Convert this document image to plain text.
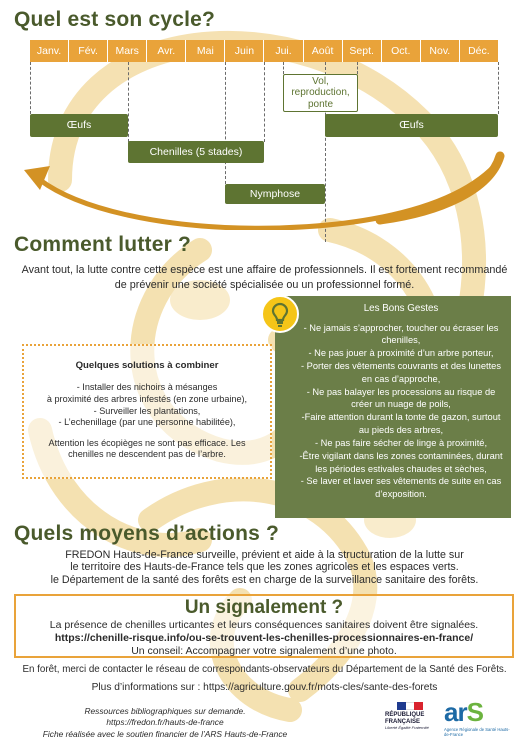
Quel est son cycle?
Janv.	Fév.	Mars	Avr.	Mai	Juin	Jui.	Août	Sept.	Oct.	Nov.	Déc.
Vol, reproduction, ponte
Œufs	Œufs
Chenilles (5 stades)
Nymphose
Comment lutter ?
Avant tout, la lutte contre cette espèce est une affaire de professionnels. Il est fortement recommandé de prévenir une société spécialisée ou un professionnel formé.
Quelques solutions à combiner
- Installer des nichoirs à mésanges
à proximité des arbres infestés (en zone urbaine),
- Surveiller les plantations,
- L’echenillage (par une personne habilitée),
Attention les écopièges ne sont pas efficace. Les chenilles ne descendent pas de l’arbre.
Les Bons Gestes
- Ne jamais s’approcher, toucher ou écraser les chenilles,
- Ne pas jouer à proximité d’un arbre porteur,
- Porter des vêtements couvrants et des lunettes en cas d’approche,
- Ne pas balayer les processions au risque de créer un nuage de poils,
-Faire attention durant la tonte de gazon, surtout au pieds des arbres,
- Ne pas faire sécher de linge à proximité,
-Être vigilant dans les zones contaminées, durant les périodes estivales chaudes et sèches,
- Se laver et laver ses vêtements de suite en cas d’exposition.
Quels moyens d’actions ?
FREDON Hauts-de-France surveille, prévient et aide à la structuration de la lutte sur
le territoire des Hauts-de-France tels que les zones agricoles et les espaces verts.
le Département de la santé des forêts est en charge de la surveillance sanitaire des forêts.
Un signalement ?
La présence de chenilles urticantes et leurs conséquences sanitaires doivent être signalées.
https://chenille-risque.info/ou-se-trouvent-les-chenilles-processionnaires-en-france/
Un conseil: Accompagner votre signalement d’une photo.
En forêt, merci de contacter le réseau de correspondants-observateurs du Département de la Santé des Forêts.
Plus d’informations sur : https://agriculture.gouv.fr/mots-cles/sante-des-forets
Ressources bibliographiques sur demande.
https://fredon.fr/hauts-de-france
Fiche réalisée avec le soutien financier de l’ARS Hauts-de-France
RÉPUBLIQUE FRANÇAISE
Liberté Égalité Fraternité
arS
Agence Régionale de Santé Hauts-de-France
